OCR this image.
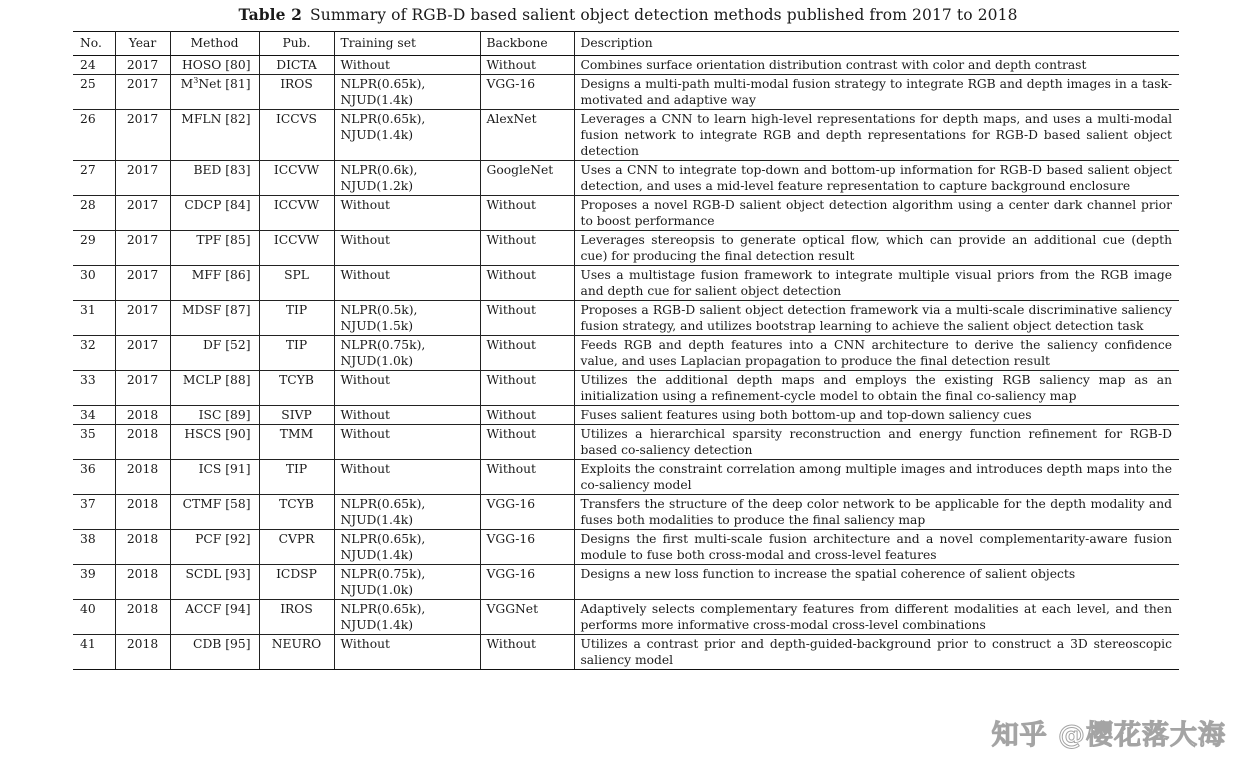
Table 2 Summary of RGB-D based salient object detection methods published from 2017 to 2018
No.	Year	Method	Pub.	Training set	Backbone	Description
24	2017	HOSO [80]	DICTA	Without	Without	Combines surface orientation distribution contrast with color and depth contrast
25	2017	$M^3Net$ [81]	IROS	NLPR(0.65k),
NJUD(1.4k)	VGG-16	Designs a multi-path multi-modal fusion strategy to integrate RGB and depth images in a task-motivated and adaptive way
26	2017	MFLN [82]	ICCVS	NLPR(0.65k),
NJUD(1.4k)	AlexNet	Leverages a CNN to learn high-level representations for depth maps, and uses a multi-modal fusion network to integrate RGB and depth representations for RGB-D based salient object detection
27	2017	BED [83]	ICCVW	NLPR(0.6k),
NJUD(1.2k)	GoogleNet	Uses a CNN to integrate top-down and bottom-up information for RGB-D based salient object detection, and uses a mid-level feature representation to capture background enclosure
28	2017	CDCP [84]	ICCVW	Without	Without	Proposes a novel RGB-D salient object detection algorithm using a center dark channel prior to boost performance
29	2017	TPF [85]	ICCVW	Without	Without	Leverages stereopsis to generate optical flow, which can provide an additional cue (depth cue) for producing the final detection result
30	2017	MFF [86]	SPL	Without	Without	Uses a multistage fusion framework to integrate multiple visual priors from the RGB image and depth cue for salient object detection
31	2017	MDSF [87]	TIP	NLPR(0.5k),
NJUD(1.5k)	Without	Proposes a RGB-D salient object detection framework via a multi-scale discriminative saliency fusion strategy, and utilizes bootstrap learning to achieve the salient object detection task
32	2017	DF [52]	TIP	NLPR(0.75k),
NJUD(1.0k)	Without	Feeds RGB and depth features into a CNN architecture to derive the saliency confidence value, and uses Laplacian propagation to produce the final detection result
33	2017	MCLP [88]	TCYB	Without	Without	Utilizes the additional depth maps and employs the existing RGB saliency map as an initialization using a refinement-cycle model to obtain the final co-saliency map
34	2018	ISC [89]	SIVP	Without	Without	Fuses salient features using both bottom-up and top-down saliency cues
35	2018	HSCS [90]	TMM	Without	Without	Utilizes a hierarchical sparsity reconstruction and energy function refinement for RGB-D based co-saliency detection
36	2018	ICS [91]	TIP	Without	Without	Exploits the constraint correlation among multiple images and introduces depth maps into the co-saliency model
37	2018	CTMF [58]	TCYB	NLPR(0.65k),
NJUD(1.4k)	VGG-16	Transfers the structure of the deep color network to be applicable for the depth modality and fuses both modalities to produce the final saliency map
38	2018	PCF [92]	CVPR	NLPR(0.65k),
NJUD(1.4k)	VGG-16	Designs the first multi-scale fusion architecture and a novel complementarity-aware fusion module to fuse both cross-modal and cross-level features
39	2018	SCDL [93]	ICDSP	NLPR(0.75k),
NJUD(1.0k)	VGG-16	Designs a new loss function to increase the spatial coherence of salient objects
40	2018	ACCF [94]	IROS	NLPR(0.65k),
NJUD(1.4k)	VGGNet	Adaptively selects complementary features from different modalities at each level, and then performs more informative cross-modal cross-level combinations
41	2018	CDB [95]	NEURO	Without	Without	Utilizes a contrast prior and depth-guided-background prior to construct a 3D stereoscopic saliency model
知乎 @樱花落大海
